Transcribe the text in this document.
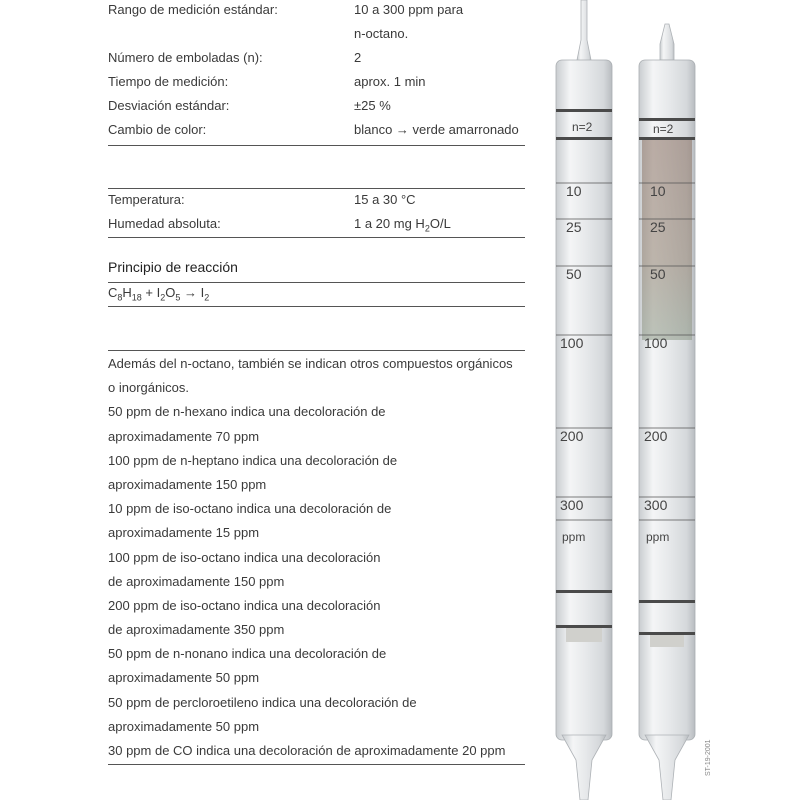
Rango de medición estándar:	10 a 300 ppm para
n-octano.
Número de emboladas (n):	2
Tiempo de medición:	aprox. 1 min
Desviación estándar:	±25 %
Cambio de color:	blanco → verde amarronado
Temperatura:	15 a 30 °C
Humedad absoluta:	1 a 20 mg $H_2O/L$
Principio de reacción
$C_8H_{18} + I_2O_5 \to I_2$
Además del n-octano, también se indican otros compuestos orgánicos
o inorgánicos.
50 ppm de n-hexano indica una decoloración de
aproximadamente 70 ppm
100 ppm de n-heptano indica una decoloración de
aproximadamente 150 ppm
10 ppm de iso-octano indica una decoloración de
aproximadamente 15 ppm
100 ppm de iso-octano indica una decoloración
de aproximadamente 150 ppm
200 ppm de iso-octano indica una decoloración
de aproximadamente 350 ppm
50 ppm de n-nonano indica una decoloración de
aproximadamente 50 ppm
50 ppm de percloroetileno indica una decoloración de
aproximadamente 50 ppm
30 ppm de CO indica una decoloración de aproximadamente 20 ppm
n=2
10
25
50
100
200
300
ppm
n=2
10
25
50
100
200
300
ppm
ST-19-2001
